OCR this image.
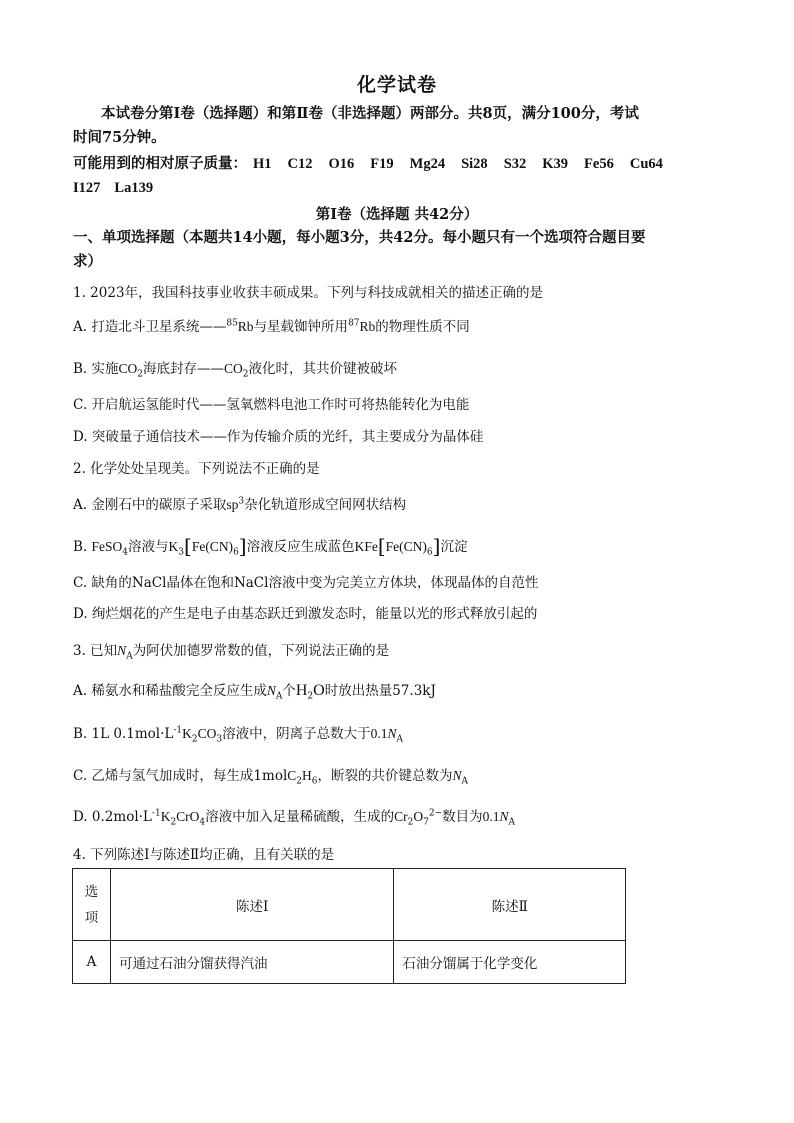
化学试卷
本试卷分第Ⅰ卷（选择题）和第Ⅱ卷（非选择题）两部分。共8页，满分100分，考试
时间75分钟。
可能用到的相对原子质量： H1 C12 O16 F19 Mg24 Si28 S32 K39 Fe56 Cu64
I127 La139
第Ⅰ卷（选择题 共42分）
一、单项选择题（本题共14小题，每小题3分，共42分。每小题只有一个选项符合题目要
求）
1. 2023年，我国科技事业收获丰硕成果。下列与科技成就相关的描述正确的是
A. 打造北斗卫星系统——$^{85}$Rb与星载铷钟所用$^{87}$Rb的物理性质不同
B. 实施$CO_2$海底封存$——CO_2$液化时，其共价键被破坏
C. 开启航运氢能时代——氢氧燃料电池工作时可将热能转化为电能
D. 突破量子通信技术——作为传输介质的光纤，其主要成分为晶体硅
2. 化学处处呈现美。下列说法不正确的是
A. 金刚石中的碳原子采取$sp^3$杂化轨道形成空间网状结构
B. FeSO$_4$溶液与$K_3[Fe(CN)_6]$溶液反应生成蓝色$KFe[Fe(CN)_6]$沉淀
C. 缺角的NaCl晶体在饱和NaCl溶液中变为完美立方体块，体现晶体的自范性
D. 绚烂烟花的产生是电子由基态跃迁到激发态时，能量以光的形式释放引起的
3. 已知$N_A$为阿伏加德罗常数的值，下列说法正确的是
A. 稀氨水和稀盐酸完全反应生成$N_A$个$H_2O$时放出热量57.3kJ
B. 1L $0.1mol\cdot L^{-1}K_2CO_3$溶液中，阴离子总数大于$0.1N_A$
C. 乙烯与氢气加成时，每生成$1molC_2H_6$，断裂的共价键总数为$N_A$
D. $0.2mol\cdot L^{-1}K_2CrO_4$溶液中加入足量稀硫酸，生成的$Cr_2O_7^{2-}$数目为$0.1N_A$
4. 下列陈述Ⅰ与陈述Ⅱ均正确，且有关联的是
选项	陈述Ⅰ	陈述Ⅱ
A	可通过石油分馏获得汽油	石油分馏属于化学变化
